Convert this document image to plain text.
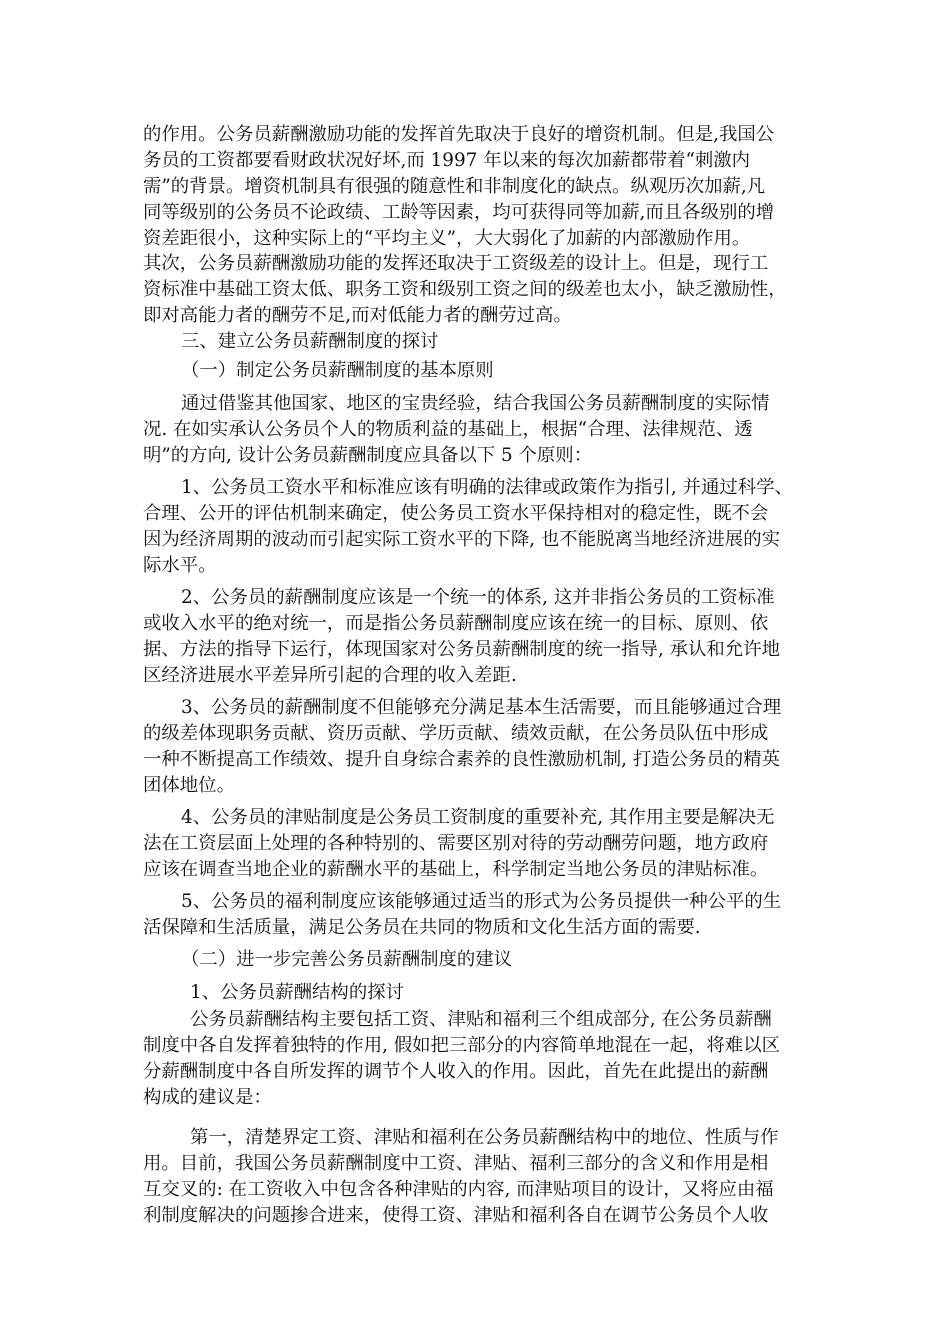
的作用。公务员薪酬激励功能的发挥首先取决于良好的增资机制。但是,我国公
务员的工资都要看财政状况好坏,而 1997 年以来的每次加薪都带着“刺激内
需”的背景。增资机制具有很强的随意性和非制度化的缺点。纵观历次加薪,凡
同等级别的公务员不论政绩、工龄等因素，均可获得同等加薪,而且各级别的增
资差距很小，这种实际上的“平均主义”，大大弱化了加薪的内部激励作用。
其次，公务员薪酬激励功能的发挥还取决于工资级差的设计上。但是，现行工
资标准中基础工资太低、职务工资和级别工资之间的级差也太小，缺乏激励性，
即对高能力者的酬劳不足,而对低能力者的酬劳过高。
三、建立公务员薪酬制度的探讨
（一）制定公务员薪酬制度的基本原则
通过借鉴其他国家、地区的宝贵经验，结合我国公务员薪酬制度的实际情
况. 在如实承认公务员个人的物质利益的基础上，根据“合理、法律规范、透
明”的方向, 设计公务员薪酬制度应具备以下 5 个原则：
1、公务员工资水平和标准应该有明确的法律或政策作为指引, 并通过科学、
合理、公开的评估机制来确定，使公务员工资水平保持相对的稳定性，既不会
因为经济周期的波动而引起实际工资水平的下降, 也不能脱离当地经济进展的实
际水平。
2、公务员的薪酬制度应该是一个统一的体系, 这并非指公务员的工资标准
或收入水平的绝对统一，而是指公务员薪酬制度应该在统一的目标、原则、依
据、方法的指导下运行，体现国家对公务员薪酬制度的统一指导, 承认和允许地
区经济进展水平差异所引起的合理的收入差距.
3、公务员的薪酬制度不但能够充分满足基本生活需要，而且能够通过合理
的级差体现职务贡献、资历贡献、学历贡献、绩效贡献，在公务员队伍中形成
一种不断提高工作绩效、提升自身综合素养的良性激励机制, 打造公务员的精英
团体地位。
4、公务员的津贴制度是公务员工资制度的重要补充, 其作用主要是解决无
法在工资层面上处理的各种特别的、需要区别对待的劳动酬劳问题，地方政府
应该在调查当地企业的薪酬水平的基础上，科学制定当地公务员的津贴标准。
5、公务员的福利制度应该能够通过适当的形式为公务员提供一种公平的生
活保障和生活质量，满足公务员在共同的物质和文化生活方面的需要.
（二）进一步完善公务员薪酬制度的建议
1、公务员薪酬结构的探讨
公务员薪酬结构主要包括工资、津贴和福利三个组成部分, 在公务员薪酬
制度中各自发挥着独特的作用, 假如把三部分的内容简单地混在一起，将难以区
分薪酬制度中各自所发挥的调节个人收入的作用。因此，首先在此提出的薪酬
构成的建议是：
第一，清楚界定工资、津贴和福利在公务员薪酬结构中的地位、性质与作
用。目前，我国公务员薪酬制度中工资、津贴、福利三部分的含义和作用是相
互交叉的: 在工资收入中包含各种津贴的内容, 而津贴项目的设计，又将应由福
利制度解决的问题掺合进来，使得工资、津贴和福利各自在调节公务员个人收
